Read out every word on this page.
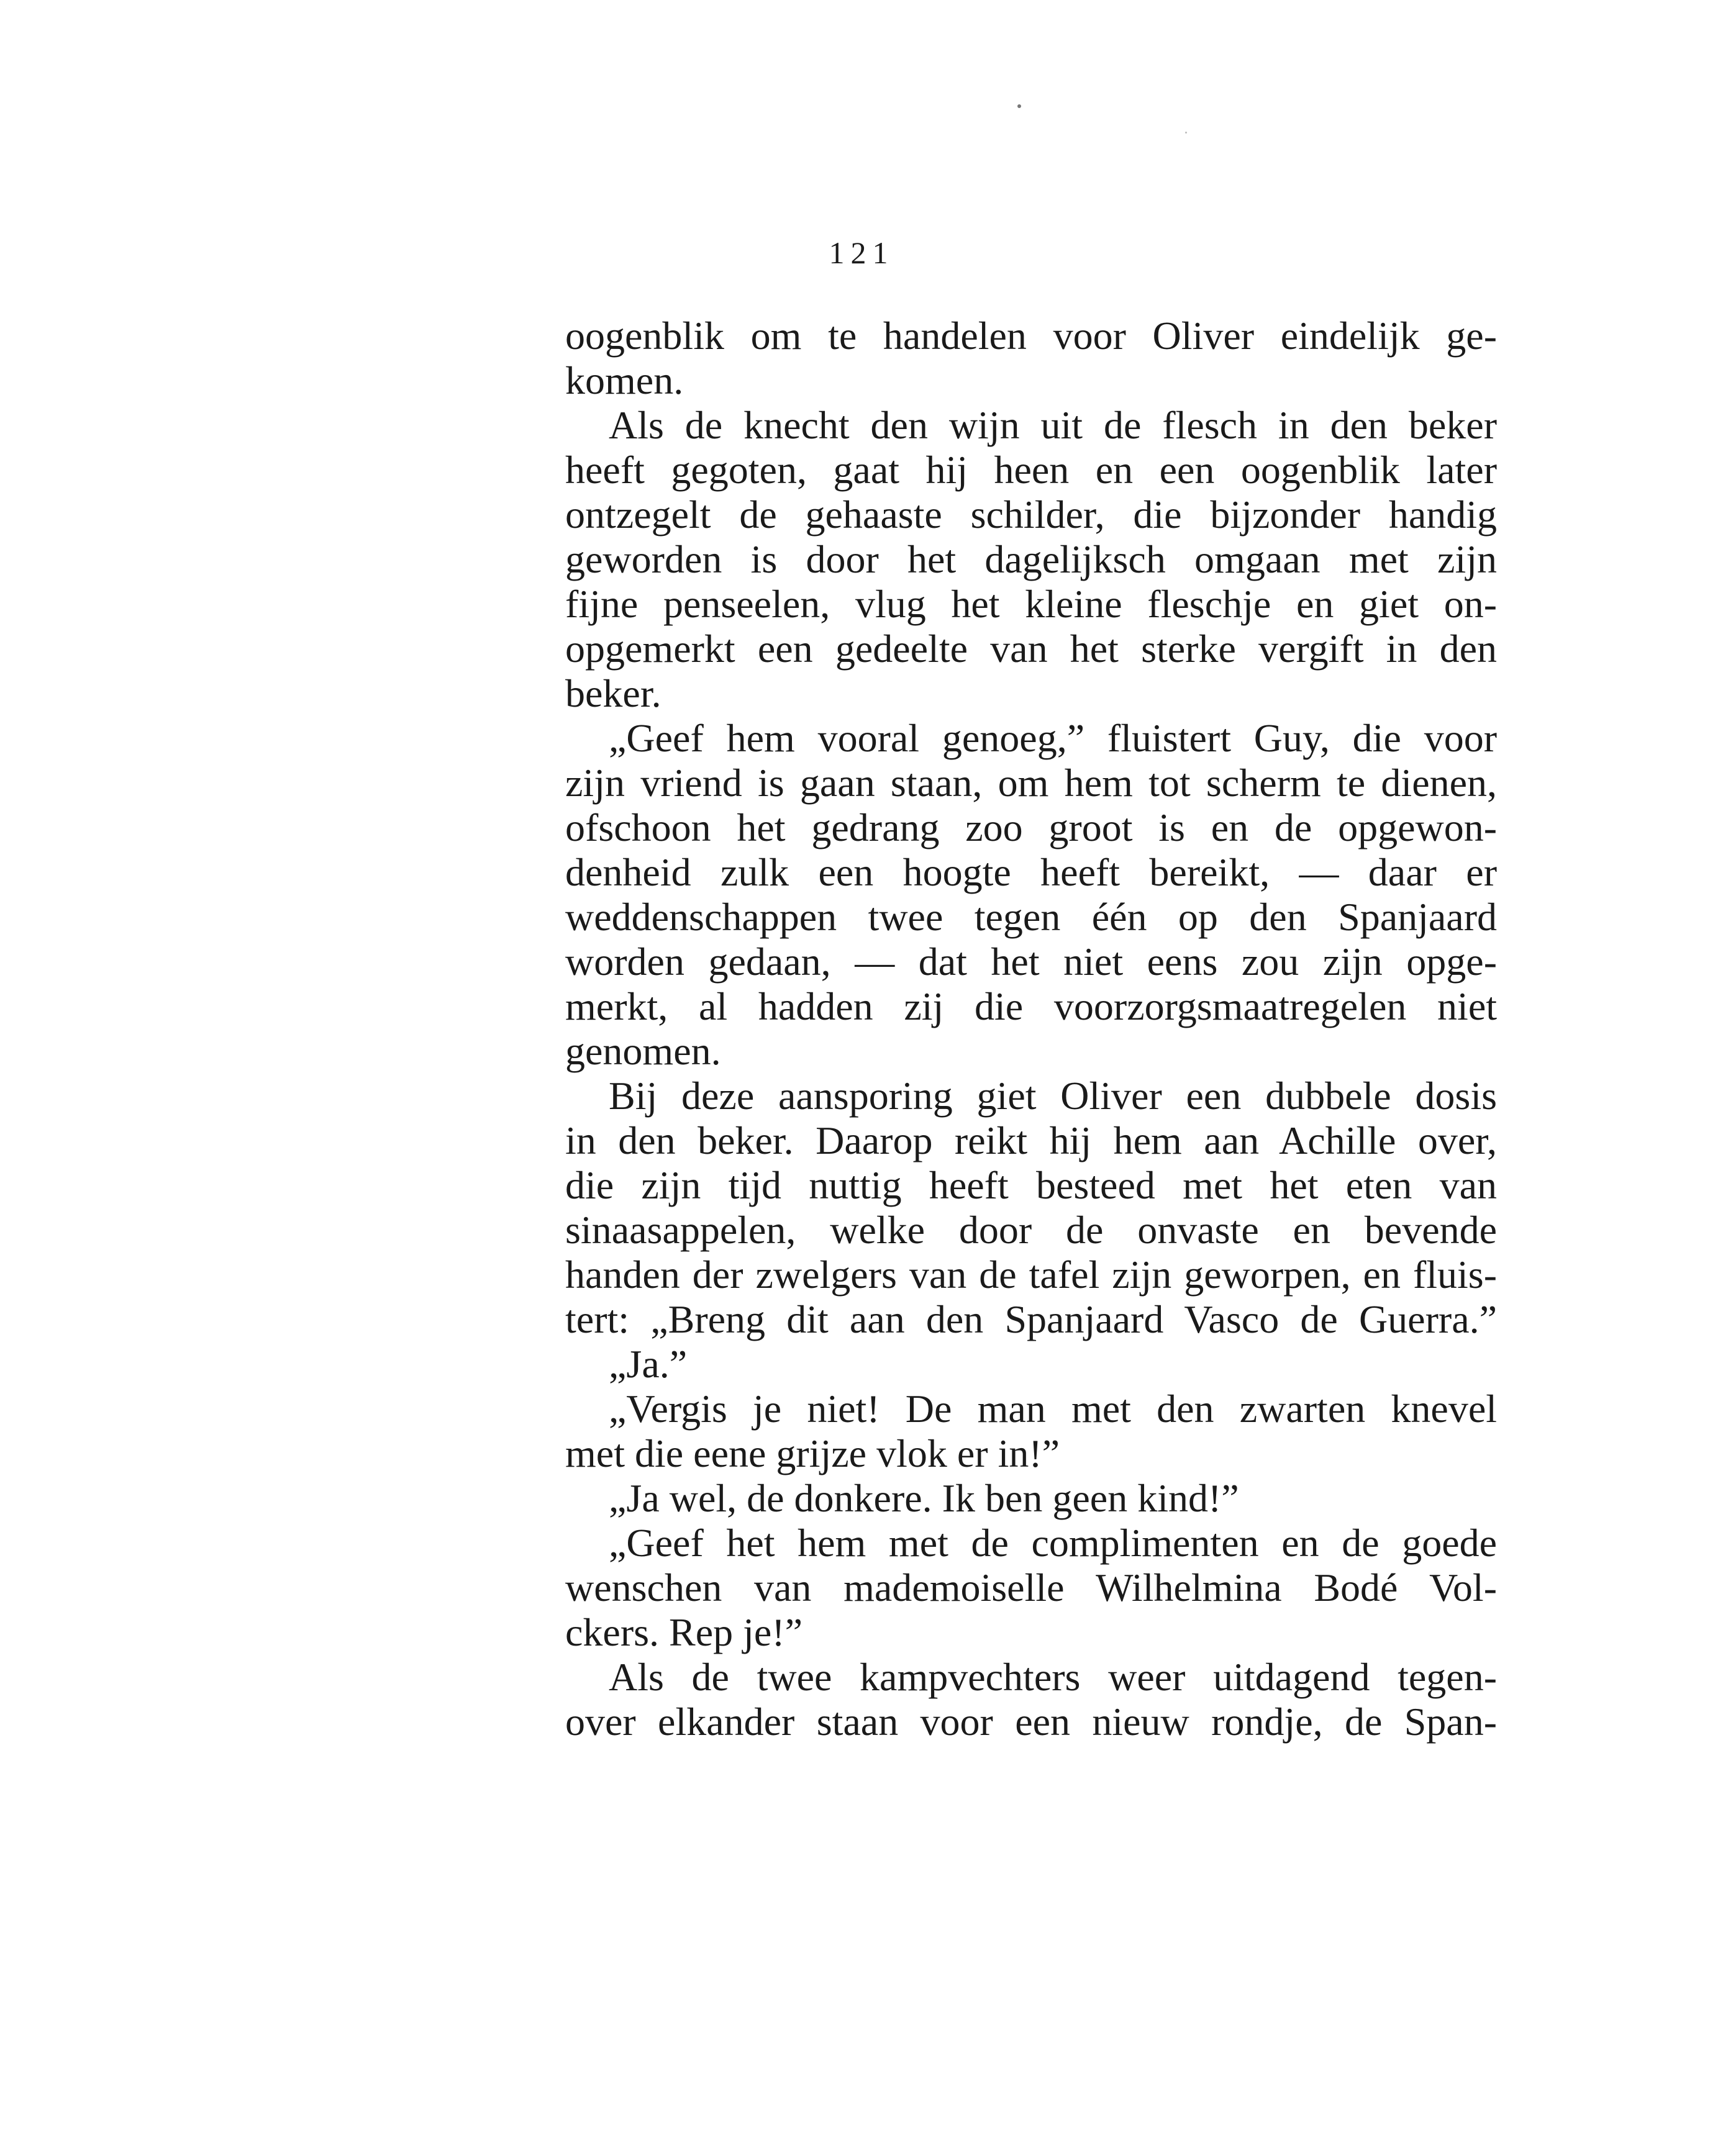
121
oogenblik om te handelen voor Oliver eindelijk ge-
komen.
Als de knecht den wijn uit de flesch in den beker
heeft gegoten, gaat hij heen en een oogenblik later
ontzegelt de gehaaste schilder, die bijzonder handig
geworden is door het dagelijksch omgaan met zijn
fijne penseelen, vlug het kleine fleschje en giet on-
opgemerkt een gedeelte van het sterke vergift in den
beker.
„Geef hem vooral genoeg,” fluistert Guy, die voor
zijn vriend is gaan staan, om hem tot scherm te dienen,
ofschoon het gedrang zoo groot is en de opgewon-
denheid zulk een hoogte heeft bereikt, — daar er
weddenschappen twee tegen één op den Spanjaard
worden gedaan, — dat het niet eens zou zijn opge-
merkt, al hadden zij die voorzorgsmaatregelen niet
genomen.
Bij deze aansporing giet Oliver een dubbele dosis
in den beker. Daarop reikt hij hem aan Achille over,
die zijn tijd nuttig heeft besteed met het eten van
sinaasappelen, welke door de onvaste en bevende
handen der zwelgers van de tafel zijn geworpen, en fluis-
tert: „Breng dit aan den Spanjaard Vasco de Guerra.”
„Ja.”
„Vergis je niet! De man met den zwarten knevel
met die eene grijze vlok er in!”
„Ja wel, de donkere. Ik ben geen kind!”
„Geef het hem met de complimenten en de goede
wenschen van mademoiselle Wilhelmina Bodé Vol-
ckers. Rep je!”
Als de twee kampvechters weer uitdagend tegen-
over elkander staan voor een nieuw rondje, de Span-
